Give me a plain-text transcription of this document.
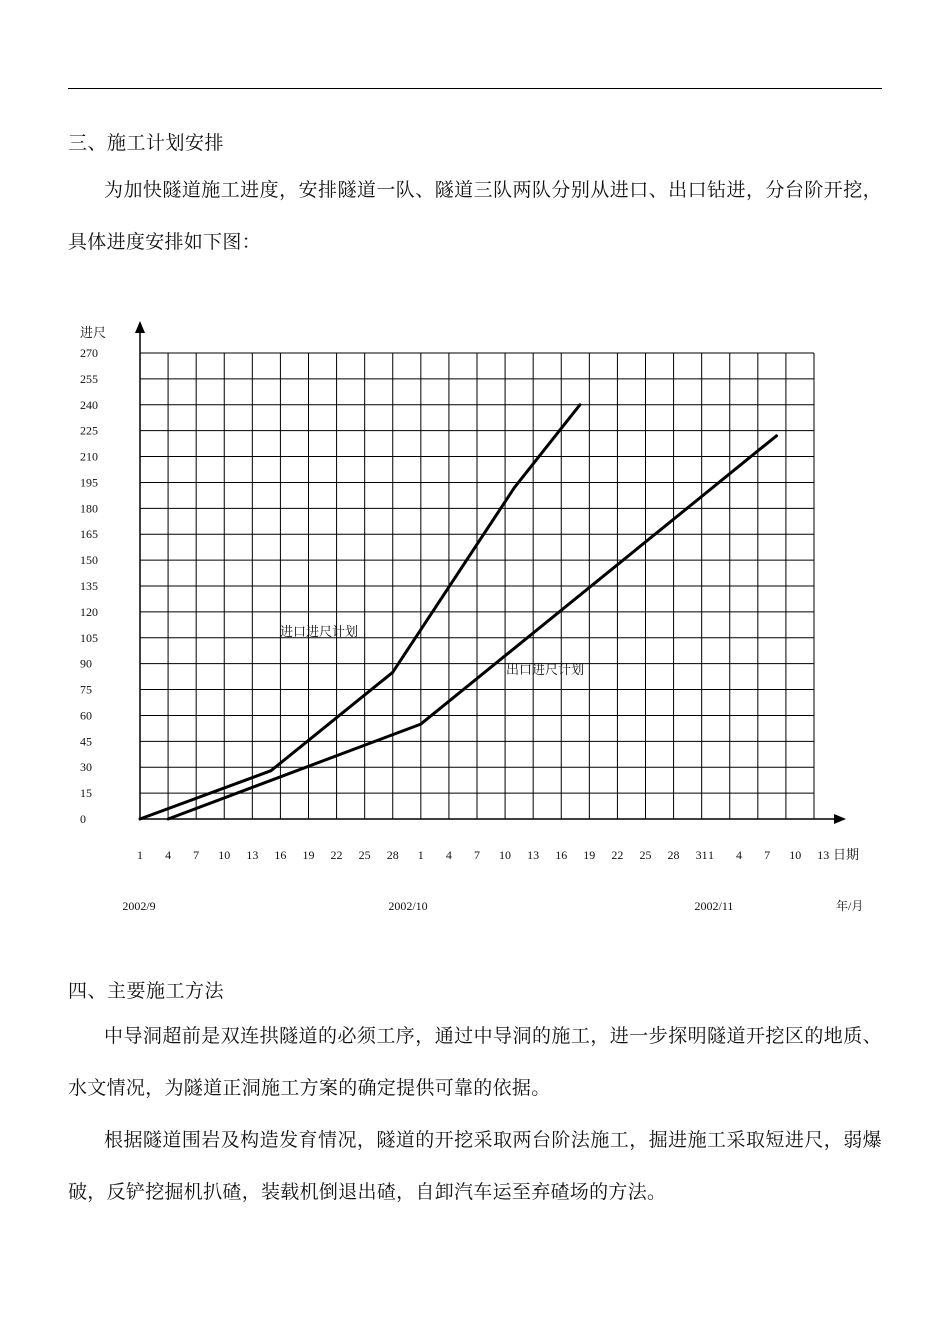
三、施工计划安排
为加快隧道施工进度，安排隧道一队、隧道三队两队分别从进口、出口钻进，分台阶开挖，具体进度安排如下图：
0
15
30
45
60
75
90
105
120
135
150
165
180
195
210
225
240
255
270
进尺
1 4 7 10 13 16 19 22 25 28 1 4 7 10 13 16 19 22 25 28 31 1 4 7 10 13 日期
2002/9	2002/10	2002/11	年/月
进口进尺计划
出口进尺计划
四、主要施工方法
中导洞超前是双连拱隧道的必须工序，通过中导洞的施工，进一步探明隧道开挖区的地质、水文情况，为隧道正洞施工方案的确定提供可靠的依据。
根据隧道围岩及构造发育情况，隧道的开挖采取两台阶法施工，掘进施工采取短进尺，弱爆破，反铲挖掘机扒碴，装载机倒退出碴，自卸汽车运至弃碴场的方法。
